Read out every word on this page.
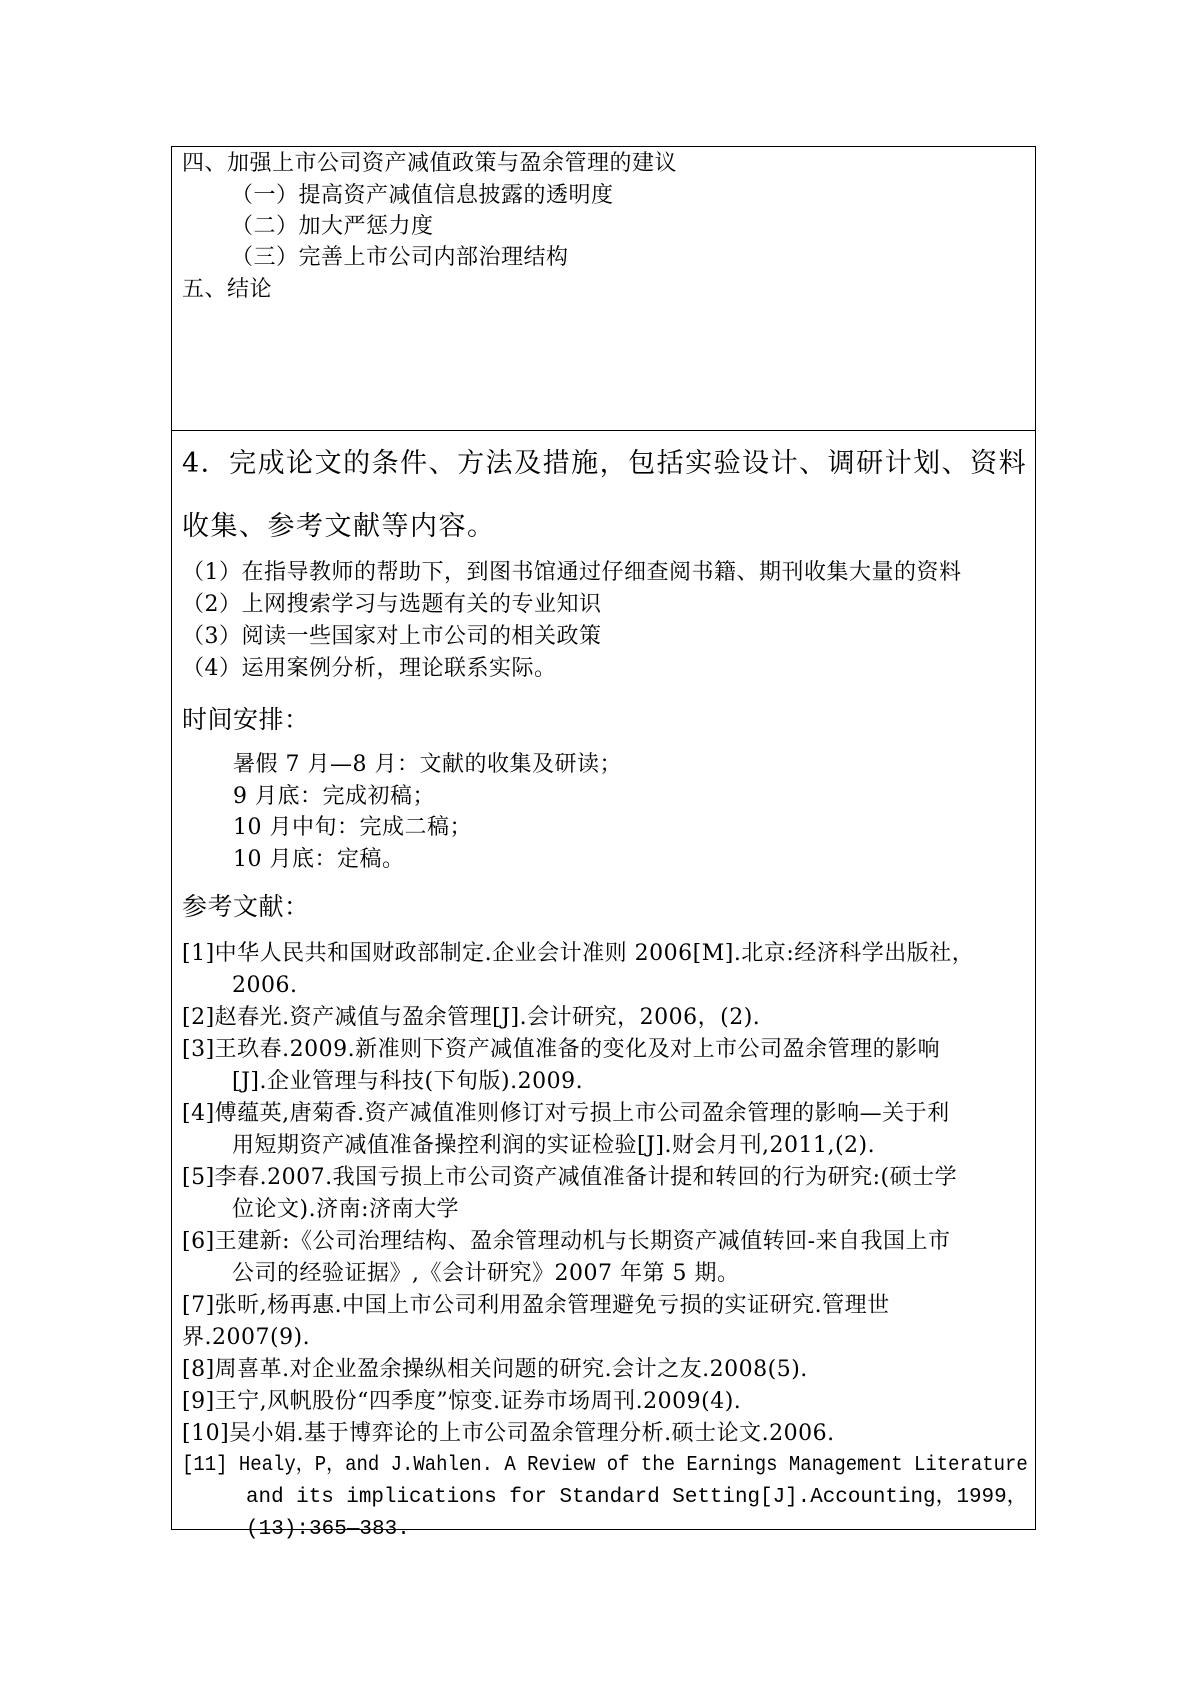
四、加强上市公司资产减值政策与盈余管理的建议
（一）提高资产减值信息披露的透明度
（二）加大严惩力度
（三）完善上市公司内部治理结构
五、结论
4．完成论文的条件、方法及措施，包括实验设计、调研计划、资料
收集、参考文献等内容。
（1）在指导教师的帮助下，到图书馆通过仔细查阅书籍、期刊收集大量的资料
（2）上网搜索学习与选题有关的专业知识
（3）阅读一些国家对上市公司的相关政策
（4）运用案例分析，理论联系实际。
时间安排：
暑假 7 月—8 月：文献的收集及研读；
9 月底：完成初稿；
10 月中旬：完成二稿；
10 月底：定稿。
参考文献：
[1]中华人民共和国财政部制定.企业会计准则 2006[M].北京:经济科学出版社，
2006.
[2]赵春光.资产减值与盈余管理[J].会计研究，2006，(2).
[3]王玖春.2009.新准则下资产减值准备的变化及对上市公司盈余管理的影响
[J].企业管理与科技(下旬版).2009.
[4]傅蕴英,唐菊香.资产减值准则修订对亏损上市公司盈余管理的影响—关于利
用短期资产减值准备操控利润的实证检验[J].财会月刊,2011,(2).
[5]李春.2007.我国亏损上市公司资产减值准备计提和转回的行为研究:(硕士学
位论文).济南:济南大学
[6]王建新:《公司治理结构、盈余管理动机与长期资产减值转回-来自我国上市
公司的经验证据》,《会计研究》2007 年第 5 期。
[7]张昕,杨再惠.中国上市公司利用盈余管理避免亏损的实证研究.管理世
界.2007(9).
[8]周喜革.对企业盈余操纵相关问题的研究.会计之友.2008(5).
[9]王宁,风帆股份“四季度”惊变.证券市场周刊.2009(4).
[10]吴小娟.基于博弈论的上市公司盈余管理分析.硕士论文.2006.
[11] Healy，P，and J.Wahlen. A Review of the Earnings Management Literature
and its implications for Standard Setting[J].Accounting，1999，
(13):365—383.
